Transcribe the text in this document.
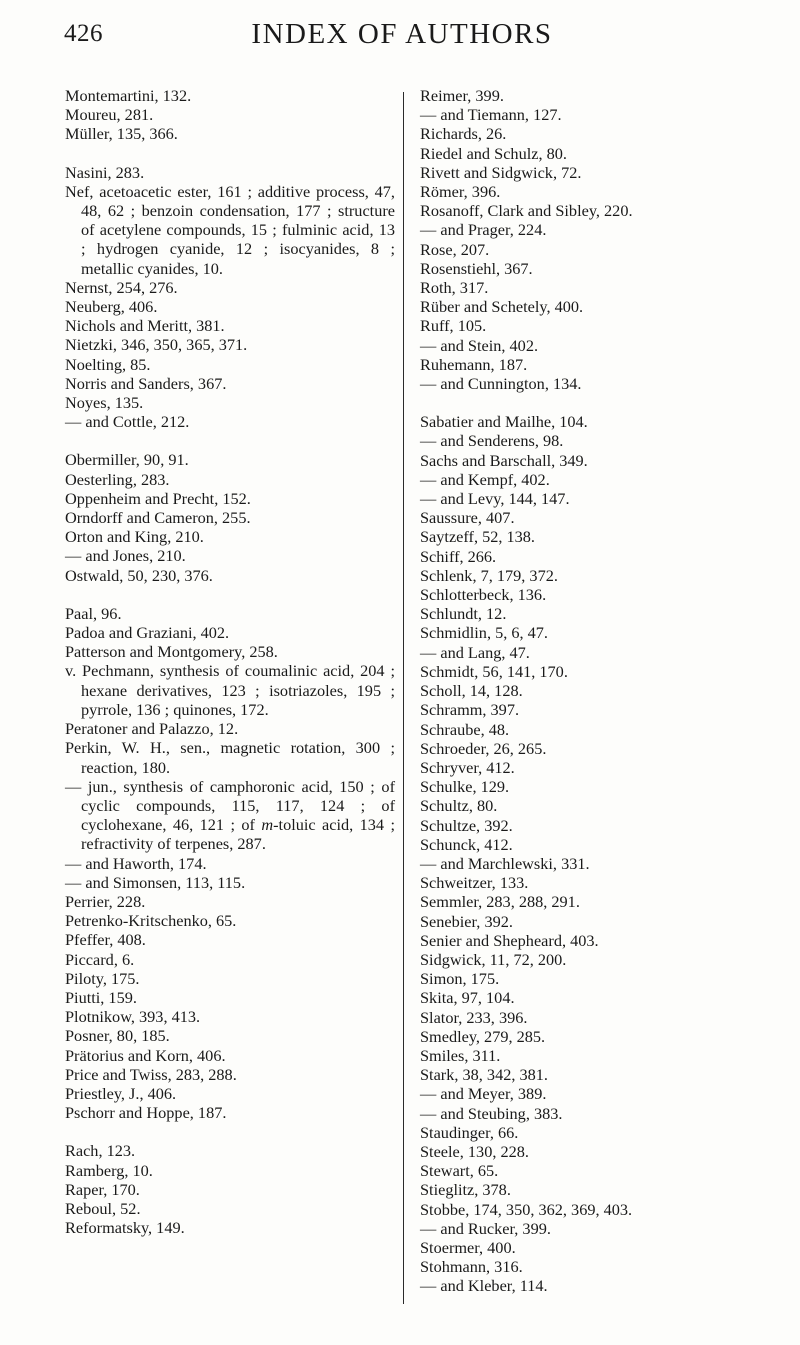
426	INDEX OF AUTHORS
Montemartini, 132.
Moureu, 281.
Müller, 135, 366.
Nasini, 283.
Nef, acetoacetic ester, 161 ; additive process, 47, 48, 62 ; benzoin condensation, 177 ; structure of acetylene compounds, 15 ; fulminic acid, 13 ; hydrogen cyanide, 12 ; isocyanides, 8 ; metallic cyanides, 10.
Nernst, 254, 276.
Neuberg, 406.
Nichols and Meritt, 381.
Nietzki, 346, 350, 365, 371.
Noelting, 85.
Norris and Sanders, 367.
Noyes, 135.
— and Cottle, 212.
Obermiller, 90, 91.
Oesterling, 283.
Oppenheim and Precht, 152.
Orndorff and Cameron, 255.
Orton and King, 210.
— and Jones, 210.
Ostwald, 50, 230, 376.
Paal, 96.
Padoa and Graziani, 402.
Patterson and Montgomery, 258.
v. Pechmann, synthesis of coumalinic acid, 204 ; hexane derivatives, 123 ; isotriazoles, 195 ; pyrrole, 136 ; quinones, 172.
Peratoner and Palazzo, 12.
Perkin, W. H., sen., magnetic rotation, 300 ; reaction, 180.
— jun., synthesis of camphoronic acid, 150 ; of cyclic compounds, 115, 117, 124 ; of cyclohexane, 46, 121 ; of m-toluic acid, 134 ; refractivity of terpenes, 287.
— and Haworth, 174.
— and Simonsen, 113, 115.
Perrier, 228.
Petrenko-Kritschenko, 65.
Pfeffer, 408.
Piccard, 6.
Piloty, 175.
Piutti, 159.
Plotnikow, 393, 413.
Posner, 80, 185.
Prätorius and Korn, 406.
Price and Twiss, 283, 288.
Priestley, J., 406.
Pschorr and Hoppe, 187.
Rach, 123.
Ramberg, 10.
Raper, 170.
Reboul, 52.
Reformatsky, 149.
Reimer, 399.
— and Tiemann, 127.
Richards, 26.
Riedel and Schulz, 80.
Rivett and Sidgwick, 72.
Römer, 396.
Rosanoff, Clark and Sibley, 220.
— and Prager, 224.
Rose, 207.
Rosenstiehl, 367.
Roth, 317.
Rüber and Schetely, 400.
Ruff, 105.
— and Stein, 402.
Ruhemann, 187.
— and Cunnington, 134.
Sabatier and Mailhe, 104.
— and Senderens, 98.
Sachs and Barschall, 349.
— and Kempf, 402.
— and Levy, 144, 147.
Saussure, 407.
Saytzeff, 52, 138.
Schiff, 266.
Schlenk, 7, 179, 372.
Schlotterbeck, 136.
Schlundt, 12.
Schmidlin, 5, 6, 47.
— and Lang, 47.
Schmidt, 56, 141, 170.
Scholl, 14, 128.
Schramm, 397.
Schraube, 48.
Schroeder, 26, 265.
Schryver, 412.
Schulke, 129.
Schultz, 80.
Schultze, 392.
Schunck, 412.
— and Marchlewski, 331.
Schweitzer, 133.
Semmler, 283, 288, 291.
Senebier, 392.
Senier and Shepheard, 403.
Sidgwick, 11, 72, 200.
Simon, 175.
Skita, 97, 104.
Slator, 233, 396.
Smedley, 279, 285.
Smiles, 311.
Stark, 38, 342, 381.
— and Meyer, 389.
— and Steubing, 383.
Staudinger, 66.
Steele, 130, 228.
Stewart, 65.
Stieglitz, 378.
Stobbe, 174, 350, 362, 369, 403.
— and Rucker, 399.
Stoermer, 400.
Stohmann, 316.
— and Kleber, 114.
